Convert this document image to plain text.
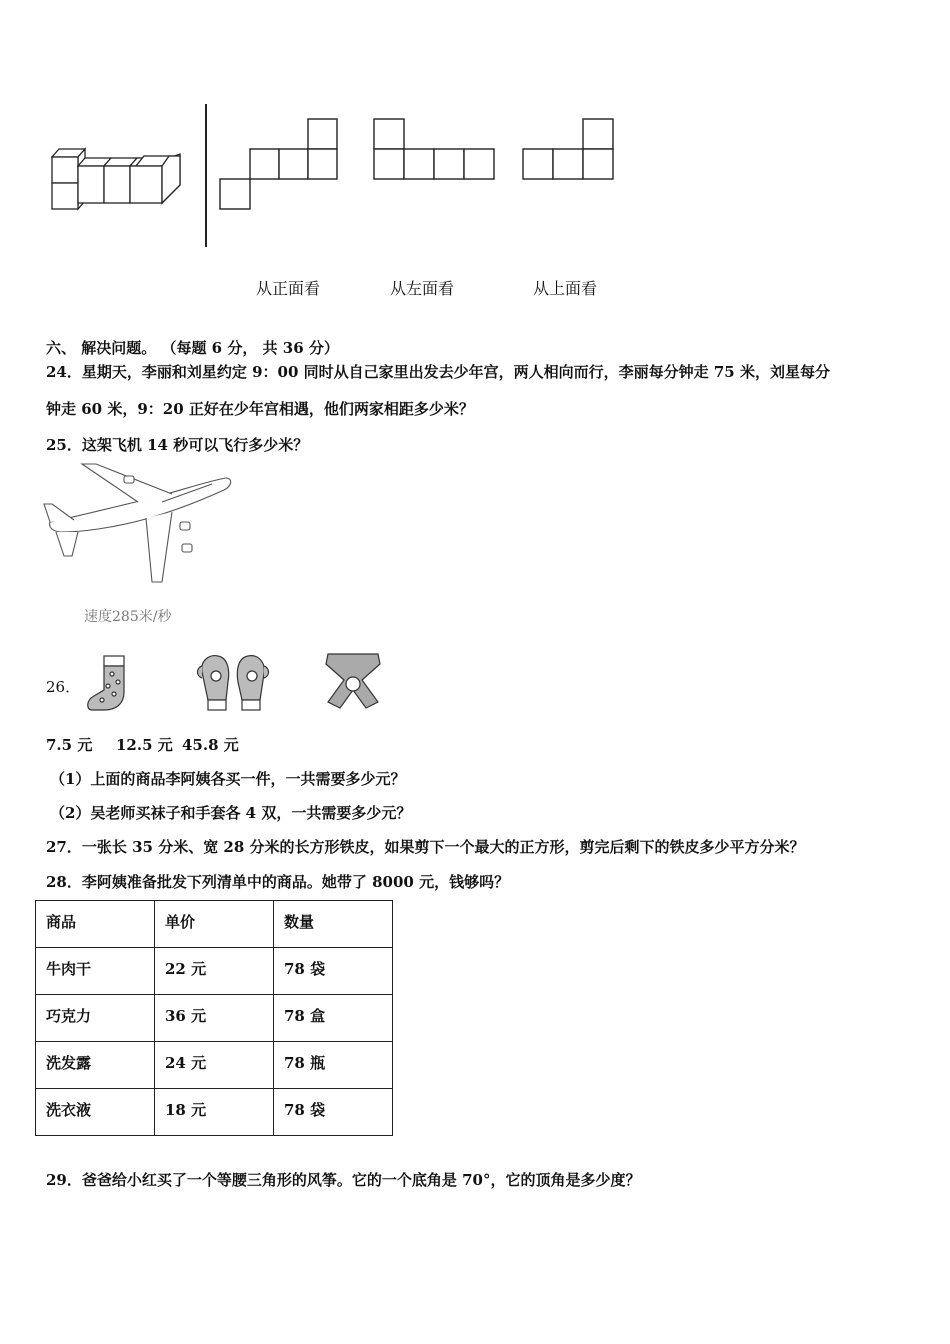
从正面看	从左面看	从上面看
六、 解决问题。 （每题 6 分， 共 36 分）
24．星期天，李丽和刘星约定 9：00 同时从自己家里出发去少年宫，两人相向而行，李丽每分钟走 75 米，刘星每分
钟走 60 米，9：20 正好在少年宫相遇，他们两家相距多少米？
25．这架飞机 14 秒可以飞行多少米？
速度285米/秒
26．
7.5 元 12.5 元 45.8 元
（1）上面的商品李阿姨各买一件，一共需要多少元？
（2）吴老师买袜子和手套各 4 双，一共需要多少元？
27．一张长 35 分米、宽 28 分米的长方形铁皮，如果剪下一个最大的正方形，剪完后剩下的铁皮多少平方分米？
28．李阿姨准备批发下列清单中的商品。她带了 8000 元，钱够吗？
商品	单价	数量
牛肉干	22 元	78 袋
巧克力	36 元	78 盒
洗发露	24 元	78 瓶
洗衣液	18 元	78 袋
29．爸爸给小红买了一个等腰三角形的风筝。它的一个底角是 70°，它的顶角是多少度？
